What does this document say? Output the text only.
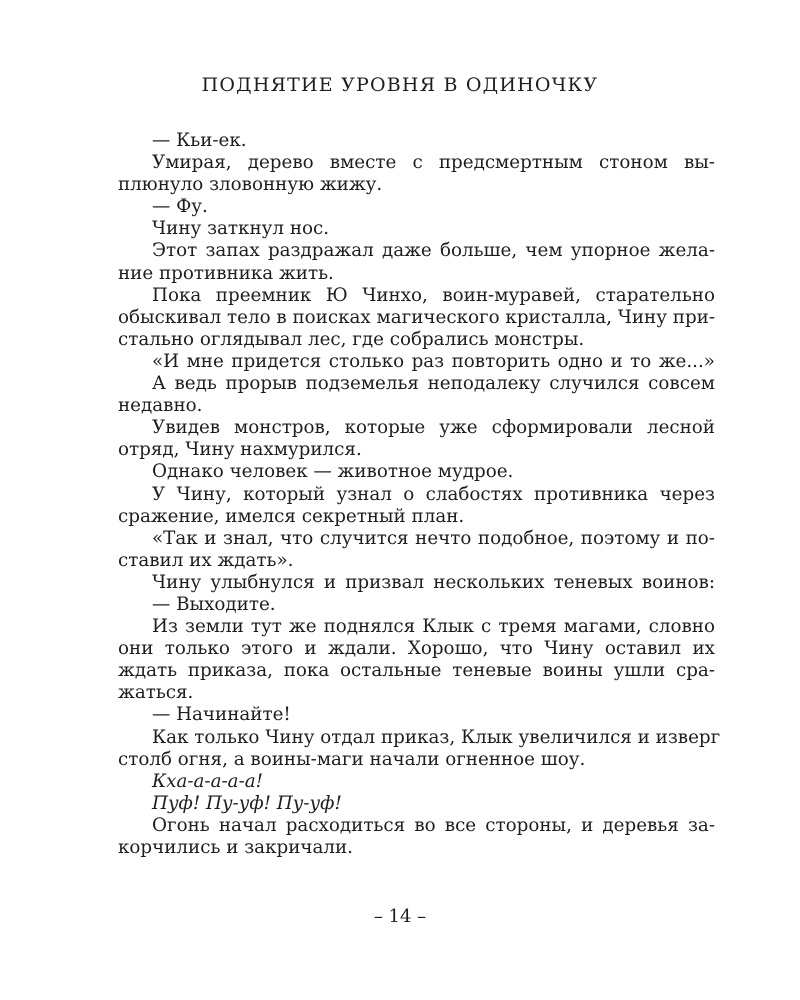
ПОДНЯТИЕ УРОВНЯ В ОДИНОЧКУ
— Кьи-ек.
Умирая, дерево вместе с предсмертным стоном вы-
плюнуло зловонную жижу.
— Фу.
Чину заткнул нос.
Этот запах раздражал даже больше, чем упорное жела-
ние противника жить.
Пока преемник Ю Чинхо, воин-муравей, старательно
обыскивал тело в поисках магического кристалла, Чину при-
стально оглядывал лес, где собрались монстры.
«И мне придется столько раз повторить одно и то же...»
А ведь прорыв подземелья неподалеку случился совсем
недавно.
Увидев монстров, которые уже сформировали лесной
отряд, Чину нахмурился.
Однако человек — животное мудрое.
У Чину, который узнал о слабостях противника через
сражение, имелся секретный план.
«Так и знал, что случится нечто подобное, поэтому и по-
ставил их ждать».
Чину улыбнулся и призвал нескольких теневых воинов:
— Выходите.
Из земли тут же поднялся Клык с тремя магами, словно
они только этого и ждали. Хорошо, что Чину оставил их
ждать приказа, пока остальные теневые воины ушли сра-
жаться.
— Начинайте!
Как только Чину отдал приказ, Клык увеличился и изверг
столб огня, а воины-маги начали огненное шоу.
Кха-а-а-а-а!
Пуф! Пу-уф! Пу-уф!
Огонь начал расходиться во все стороны, и деревья за-
корчились и закричали.
– 14 –
